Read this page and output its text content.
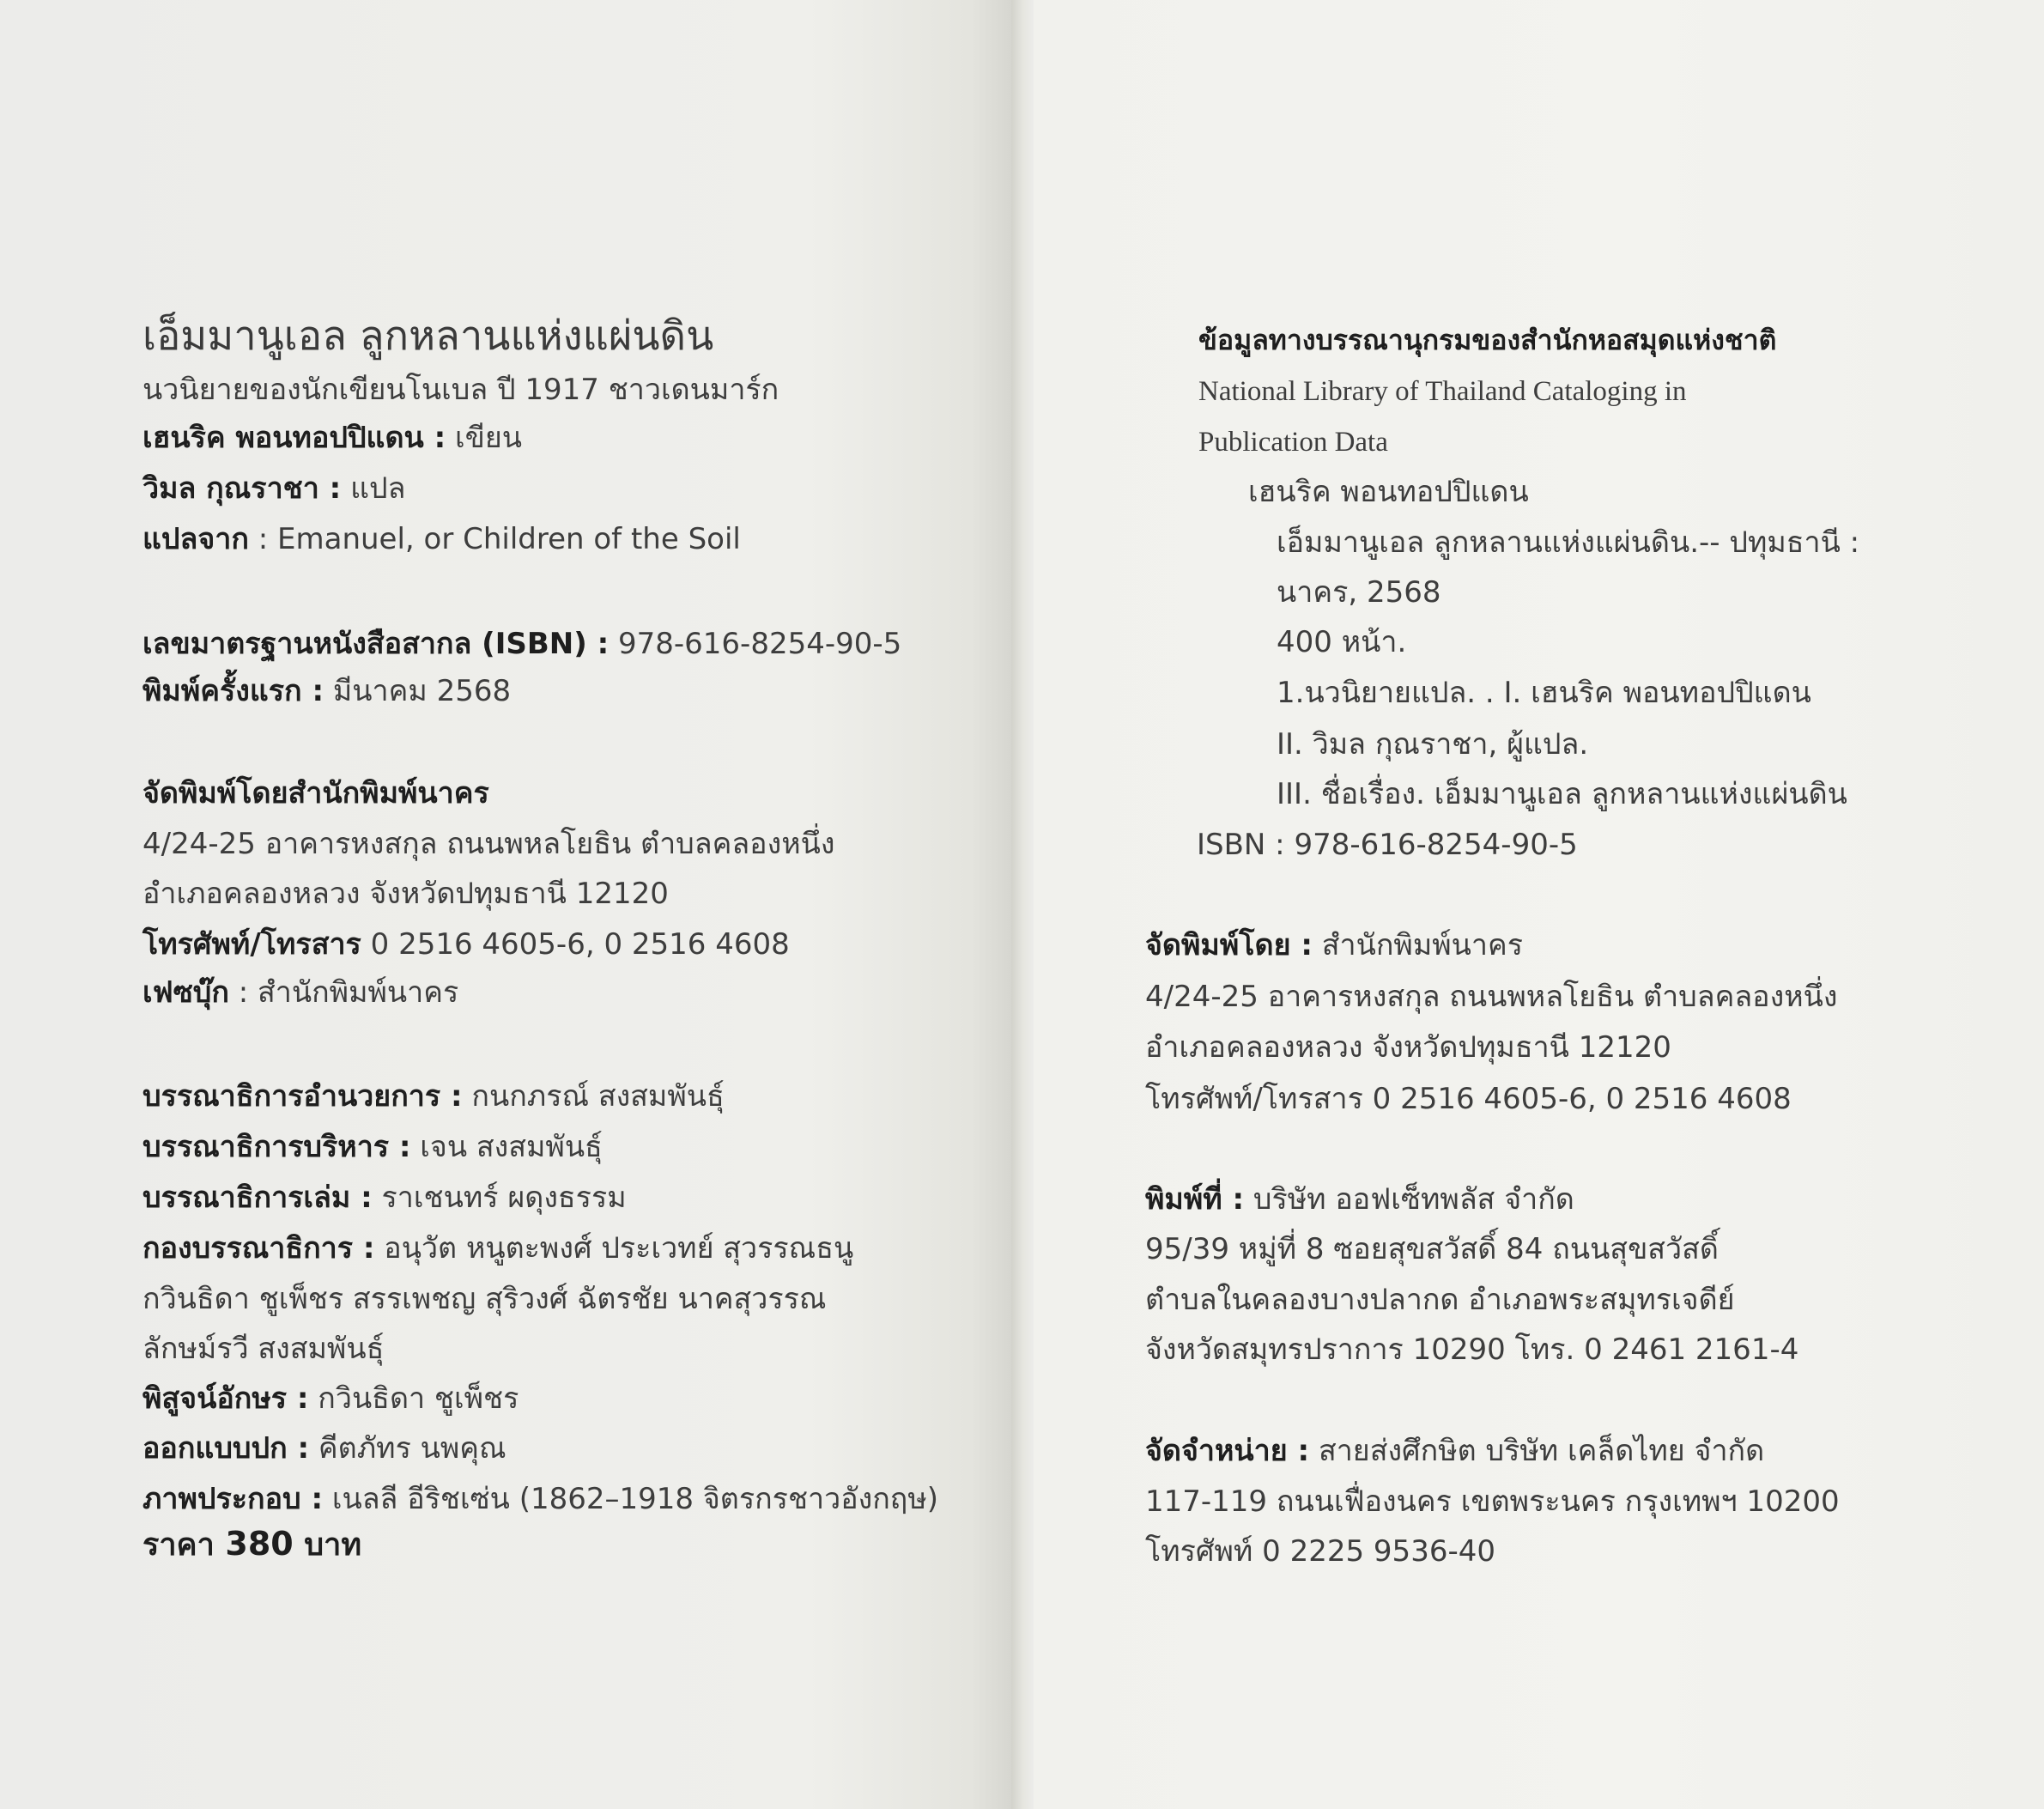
เอ็มมานูเอล ลูกหลานแห่งแผ่นดิน
นวนิยายของนักเขียนโนเบล ปี 1917 ชาวเดนมาร์ก
เฮนริค พอนทอปปิแดน : เขียน
วิมล กุณราชา : แปล
แปลจาก : Emanuel, or Children of the Soil
เลขมาตรฐานหนังสือสากล (ISBN) : 978-616-8254-90-5
พิมพ์ครั้งแรก : มีนาคม 2568
จัดพิมพ์โดยสำนักพิมพ์นาคร
4/24-25 อาคารหงสกุล ถนนพหลโยธิน ตำบลคลองหนึ่ง
อำเภอคลองหลวง จังหวัดปทุมธานี 12120
โทรศัพท์/โทรสาร 0 2516 4605-6, 0 2516 4608
เฟซบุ๊ก : สำนักพิมพ์นาคร
บรรณาธิการอำนวยการ : กนกภรณ์ สงสมพันธุ์
บรรณาธิการบริหาร : เจน สงสมพันธุ์
บรรณาธิการเล่ม : ราเชนทร์ ผดุงธรรม
กองบรรณาธิการ : อนุวัต หนูตะพงศ์ ประเวทย์ สุวรรณธนู
กวินธิดา ชูเพ็ชร สรรเพชญ สุริวงศ์ ฉัตรชัย นาคสุวรรณ
ลักษม์รวี สงสมพันธุ์
พิสูจน์อักษร : กวินธิดา ชูเพ็ชร
ออกแบบปก : คีตภัทร นพคุณ
ภาพประกอบ : เนลลี อีริชเซ่น (1862–1918 จิตรกรชาวอังกฤษ)
ราคา 380 บาท
ข้อมูลทางบรรณานุกรมของสำนักหอสมุดแห่งชาติ
National Library of Thailand Cataloging in
Publication Data
เฮนริค พอนทอปปิแดน
เอ็มมานูเอล ลูกหลานแห่งแผ่นดิน.-- ปทุมธานี :
นาคร, 2568
400 หน้า.
1.นวนิยายแปล. . I. เฮนริค พอนทอปปิแดน
II. วิมล กุณราชา, ผู้แปล.
III. ชื่อเรื่อง. เอ็มมานูเอล ลูกหลานแห่งแผ่นดิน
ISBN : 978-616-8254-90-5
จัดพิมพ์โดย : สำนักพิมพ์นาคร
4/24-25 อาคารหงสกุล ถนนพหลโยธิน ตำบลคลองหนึ่ง
อำเภอคลองหลวง จังหวัดปทุมธานี 12120
โทรศัพท์/โทรสาร 0 2516 4605-6, 0 2516 4608
พิมพ์ที่ : บริษัท ออฟเซ็ทพลัส จำกัด
95/39 หมู่ที่ 8 ซอยสุขสวัสดิ์ 84 ถนนสุขสวัสดิ์
ตำบลในคลองบางปลากด อำเภอพระสมุทรเจดีย์
จังหวัดสมุทรปราการ 10290 โทร. 0 2461 2161-4
จัดจำหน่าย : สายส่งศึกษิต บริษัท เคล็ดไทย จำกัด
117-119 ถนนเฟื่องนคร เขตพระนคร กรุงเทพฯ 10200
โทรศัพท์ 0 2225 9536-40
